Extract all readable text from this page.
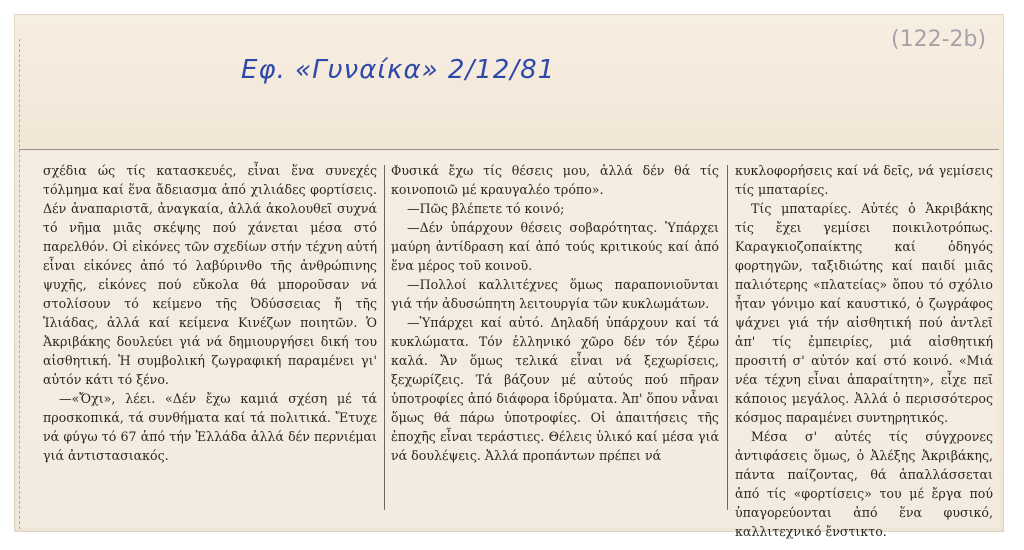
Εφ. «Γυναίκα» 2/12/81
(122-2b)

σχέδια ώς τίς κατασκευές, εἶναι ἕνα συνεχές τόλμημα καί ἕνα ἄδειασμα ἀπό χιλιάδες φορτίσεις. Δέν ἀναπαριστᾶ, ἀναγκαία, ἀλλά ἀκολουθεῖ συχνά τό νῆμα μιᾶς σκέψης πού χάνεται μέσα στό παρελθόν. Οἱ εἰκόνες τῶν σχεδίων στήν τέχνη αὐτή εἶναι εἰκόνες ἀπό τό λαβύρινθο τῆς ἀνθρώπινης ψυχῆς, εἰκόνες πού εὔκολα θά μποροῦσαν νά στολίσουν τό κείμενο τῆς Ὀδύσσειας ἤ τῆς Ἰλιάδας, ἀλλά καί κείμενα Κινέζων ποιητῶν. Ὁ Ἀκριβάκης δουλεύει γιά νά δημιουργήσει δική του αἰσθητική. Ἡ συμβολική ζωγραφική παραμένει γι' αὐτόν κάτι τό ξένο.

—«Ὄχι», λέει. «Δέν ἔχω καμιά σχέση μέ τά προσκοπικά, τά συνθήματα καί τά πολιτικά. Ἔτυχε νά φύγω τό 67 ἀπό τήν Ἑλλάδα ἀλλά δέν περνιέμαι γιά ἀντιστασιακός.

Φυσικά ἔχω τίς θέσεις μου, ἀλλά δέν θά τίς κοινοποιῶ μέ κραυγαλέο τρόπο».

—Πῶς βλέπετε τό κοινό;

—Δέν ὑπάρχουν θέσεις σοβαρότητας. Ὑπάρχει μαύρη ἀντίδραση καί ἀπό τούς κριτικούς καί ἀπό ἕνα μέρος τοῦ κοινοῦ.

—Πολλοί καλλιτέχνες ὅμως παραπονιοῦνται γιά τήν ἀδυσώπητη λειτουργία τῶν κυκλωμάτων.

—Ὑπάρχει καί αὐτό. Δηλαδή ὑπάρχουν καί τά κυκλώματα. Τόν ἑλληνικό χῶρο δέν τόν ξέρω καλά. Ἄν ὅμως τελικά εἶναι νά ξεχωρίσεις, ξεχωρίζεις. Τά βάζουν μέ αὐτούς πού πῆραν ὑποτροφίες ἀπό διάφορα ἱδρύματα. Ἀπ' ὅπου νἆναι ὅμως θά πάρω ὑποτροφίες. Οἱ ἀπαιτήσεις τῆς ἐποχῆς εἶναι τεράστιες. Θέλεις ὑλικό καί μέσα γιά νά δουλέψεις. Ἀλλά προπάντων πρέπει νά

κυκλοφορήσεις καί νά δεῖς, νά γεμίσεις τίς μπαταρίες.

Τίς μπαταρίες. Αὐτές ὁ Ἀκριβάκης τίς ἔχει γεμίσει ποικιλοτρόπως. Καραγκιοζοπαίκτης καί ὁδηγός φορτηγῶν, ταξιδιώτης καί παιδί μιᾶς παλιότερης «πλατείας» ὅπου τό σχόλιο ἦταν γόνιμο καί καυστικό, ὁ ζωγράφος ψάχνει γιά τήν αἰσθητική πού ἀντλεῖ ἀπ' τίς ἐμπειρίες, μιά αἰσθητική προσιτή σ' αὐτόν καί στό κοινό. «Μιά νέα τέχνη εἶναι ἀπαραίτητη», εἶχε πεῖ κάποιος μεγάλος. Ἀλλά ὁ περισσότερος κόσμος παραμένει συντηρητικός.

Μέσα σ' αὐτές τίς σύγχρονες ἀντιφάσεις ὅμως, ὁ Ἀλέξης Ἀκριβάκης, πάντα παίζοντας, θά ἀπαλλάσσεται ἀπό τίς «φορτίσεις» του μέ ἔργα πού ὑπαγορεύονται ἀπό ἕνα φυσικό, καλλιτεχνικό ἔνστικτο.
